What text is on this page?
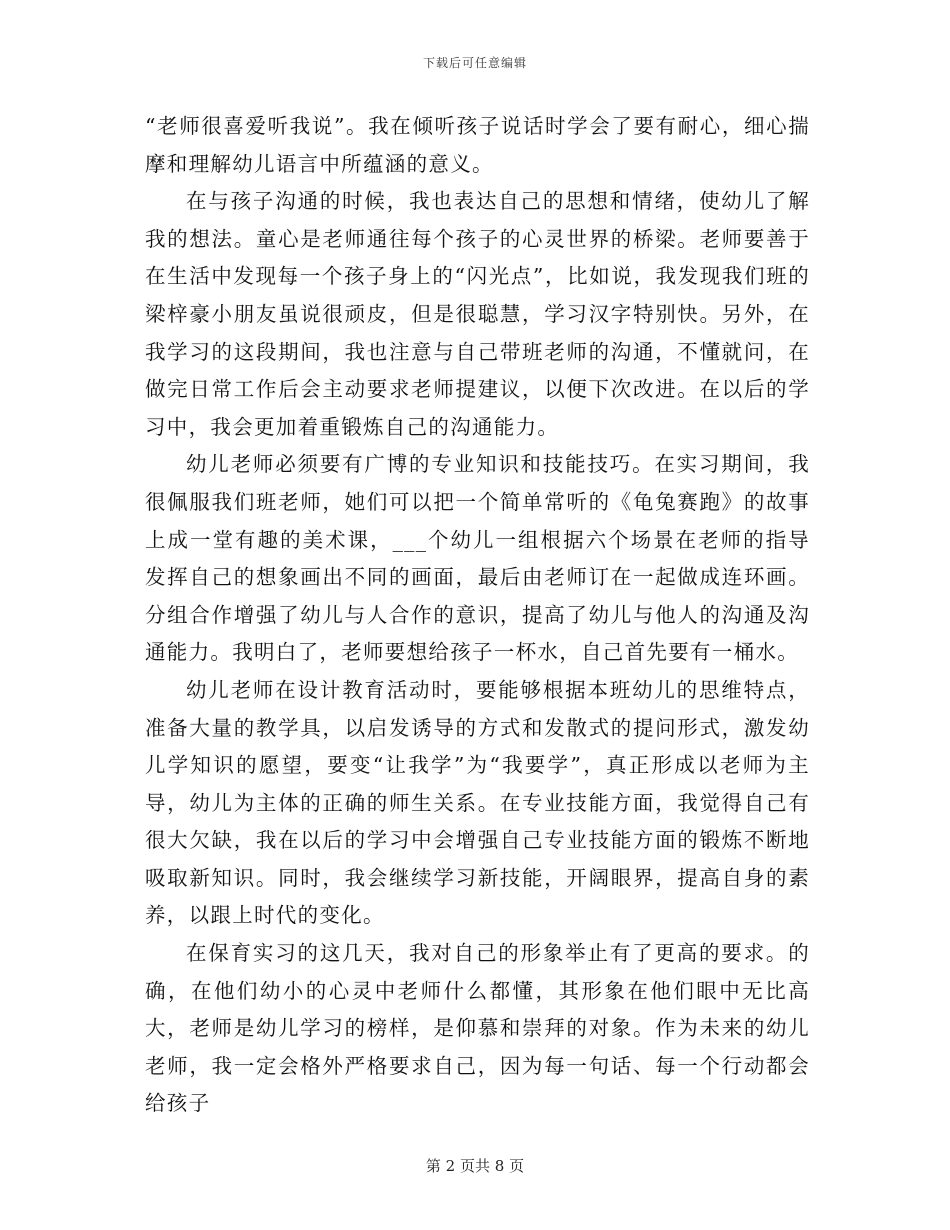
下载后可任意编辑

“老师很喜爱听我说”。我在倾听孩子说话时学会了要有耐心，细心揣摩和理解幼儿语言中所蕴涵的意义。

在与孩子沟通的时候，我也表达自己的思想和情绪，使幼儿了解我的想法。童心是老师通往每个孩子的心灵世界的桥梁。老师要善于在生活中发现每一个孩子身上的“闪光点”，比如说，我发现我们班的梁梓豪小朋友虽说很顽皮，但是很聪慧，学习汉字特别快。另外，在我学习的这段期间，我也注意与自己带班老师的沟通，不懂就问，在做完日常工作后会主动要求老师提建议，以便下次改进。在以后的学习中，我会更加着重锻炼自己的沟通能力。

幼儿老师必须要有广博的专业知识和技能技巧。在实习期间，我很佩服我们班老师，她们可以把一个简单常听的《龟兔赛跑》的故事上成一堂有趣的美术课，___个幼儿一组根据六个场景在老师的指导发挥自己的想象画出不同的画面，最后由老师订在一起做成连环画。分组合作增强了幼儿与人合作的意识，提高了幼儿与他人的沟通及沟通能力。我明白了，老师要想给孩子一杯水，自己首先要有一桶水。

幼儿老师在设计教育活动时，要能够根据本班幼儿的思维特点，准备大量的教学具，以启发诱导的方式和发散式的提问形式，激发幼儿学知识的愿望，要变“让我学”为“我要学”，真正形成以老师为主导，幼儿为主体的正确的师生关系。在专业技能方面，我觉得自己有很大欠缺，我在以后的学习中会增强自己专业技能方面的锻炼不断地吸取新知识。同时，我会继续学习新技能，开阔眼界，提高自身的素养，以跟上时代的变化。

在保育实习的这几天，我对自己的形象举止有了更高的要求。的确，在他们幼小的心灵中老师什么都懂，其形象在他们眼中无比高大，老师是幼儿学习的榜样，是仰慕和崇拜的对象。作为未来的幼儿老师，我一定会格外严格要求自己，因为每一句话、每一个行动都会给孩子

第 2 页共 8 页
